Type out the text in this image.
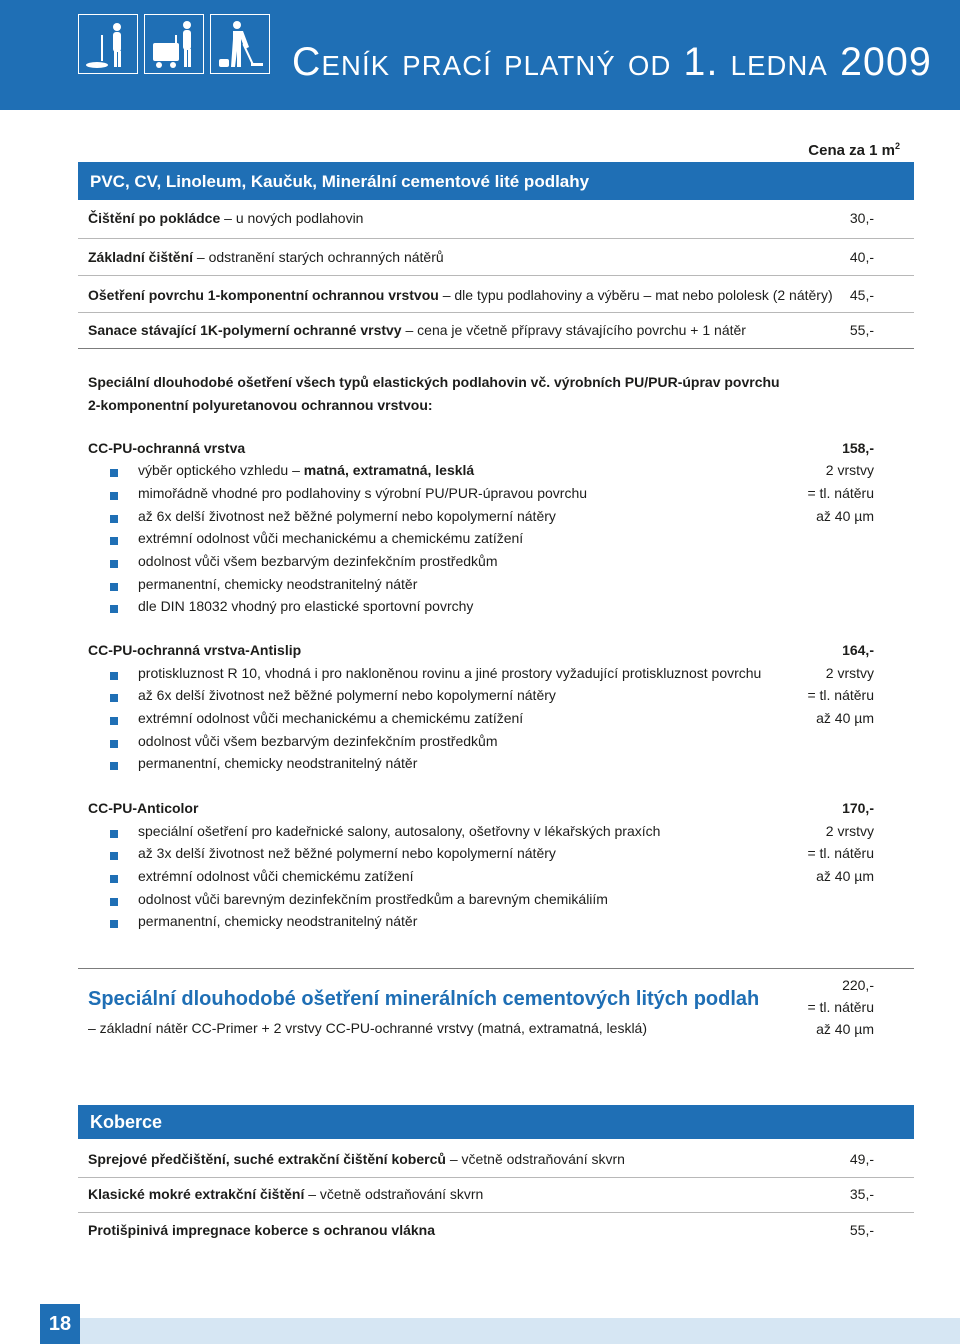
Ceník prací platný od 1. ledna 2009
Cena za 1 $m^2$
PVC, CV, Linoleum, Kaučuk, Minerální cementové lité podlahy
Čištění po pokládce – u nových podlahovin	30,-
Základní čištění – odstranění starých ochranných nátěrů	40,-
Ošetření povrchu 1-komponentní ochrannou vrstvou – dle typu podlahoviny a výběru – mat nebo pololesk (2 nátěry) 45,-
Sanace stávající 1K-polymerní ochranné vrstvy – cena je včetně přípravy stávajícího povrchu + 1 nátěr	55,-
Speciální dlouhodobé ošetření všech typů elastických podlahovin vč. výrobních PU/PUR-úprav povrchu
2-komponentní polyuretanovou ochrannou vrstvou:
CC-PU-ochranná vrstva	158,-
výběr optického vzhledu – matná, extramatná, lesklá
mimořádně vhodné pro podlahoviny s výrobní PU/PUR-úpravou povrchu
až 6x delší životnost než běžné polymerní nebo kopolymerní nátěry
extrémní odolnost vůči mechanickému a chemickému zatížení
odolnost vůči všem bezbarvým dezinfekčním prostředkům
permanentní, chemicky neodstranitelný nátěr
dle DIN 18032 vhodný pro elastické sportovní povrchy
2 vrstvy
= tl. nátěru
až 40 µm
CC-PU-ochranná vrstva-Antislip	164,-
protiskluznost R 10, vhodná i pro nakloněnou rovinu a jiné prostory vyžadující protiskluznost povrchu
až 6x delší životnost než běžné polymerní nebo kopolymerní nátěry
extrémní odolnost vůči mechanickému a chemickému zatížení
odolnost vůči všem bezbarvým dezinfekčním prostředkům
permanentní, chemicky neodstranitelný nátěr
2 vrstvy
= tl. nátěru
až 40 µm
CC-PU-Anticolor	170,-
speciální ošetření pro kadeřnické salony, autosalony, ošetřovny v lékařských praxích
až 3x delší životnost než běžné polymerní nebo kopolymerní nátěry
extrémní odolnost vůči chemickému zatížení
odolnost vůči barevným dezinfekčním prostředkům a barevným chemikáliím
permanentní, chemicky neodstranitelný nátěr
2 vrstvy
= tl. nátěru
až 40 µm
Speciální dlouhodobé ošetření minerálních cementových litých podlah
– základní nátěr CC-Primer + 2 vrstvy CC-PU-ochranné vrstvy (matná, extramatná, lesklá)
220,-
= tl. nátěru
až 40 µm
Koberce
Sprejové předčištění, suché extrakční čištění koberců – včetně odstraňování skvrn	49,-
Klasické mokré extrakční čištění – včetně odstraňování skvrn	35,-
Protišpinivá impregnace koberce s ochranou vlákna	55,-
18
